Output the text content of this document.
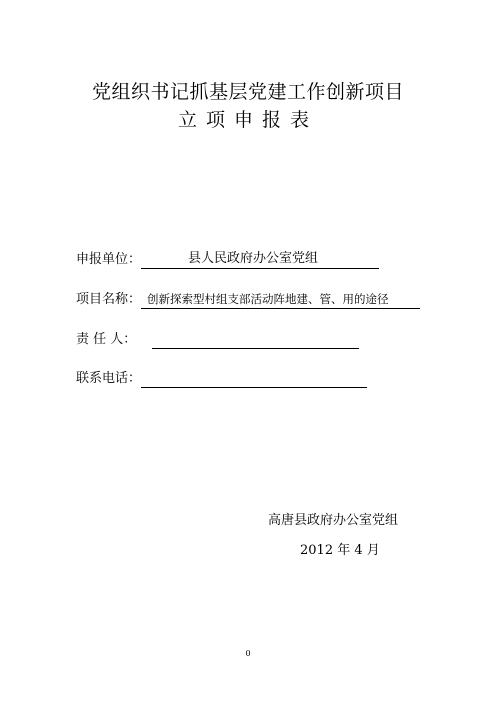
党组织书记抓基层党建工作创新项目
立项申报表
申报单位：	县人民政府办公室党组
项目名称： 创新探索型村组支部活动阵地建、管、用的途径
责 任 人：
联系电话：
高唐县政府办公室党组
2012 年 4 月
0
